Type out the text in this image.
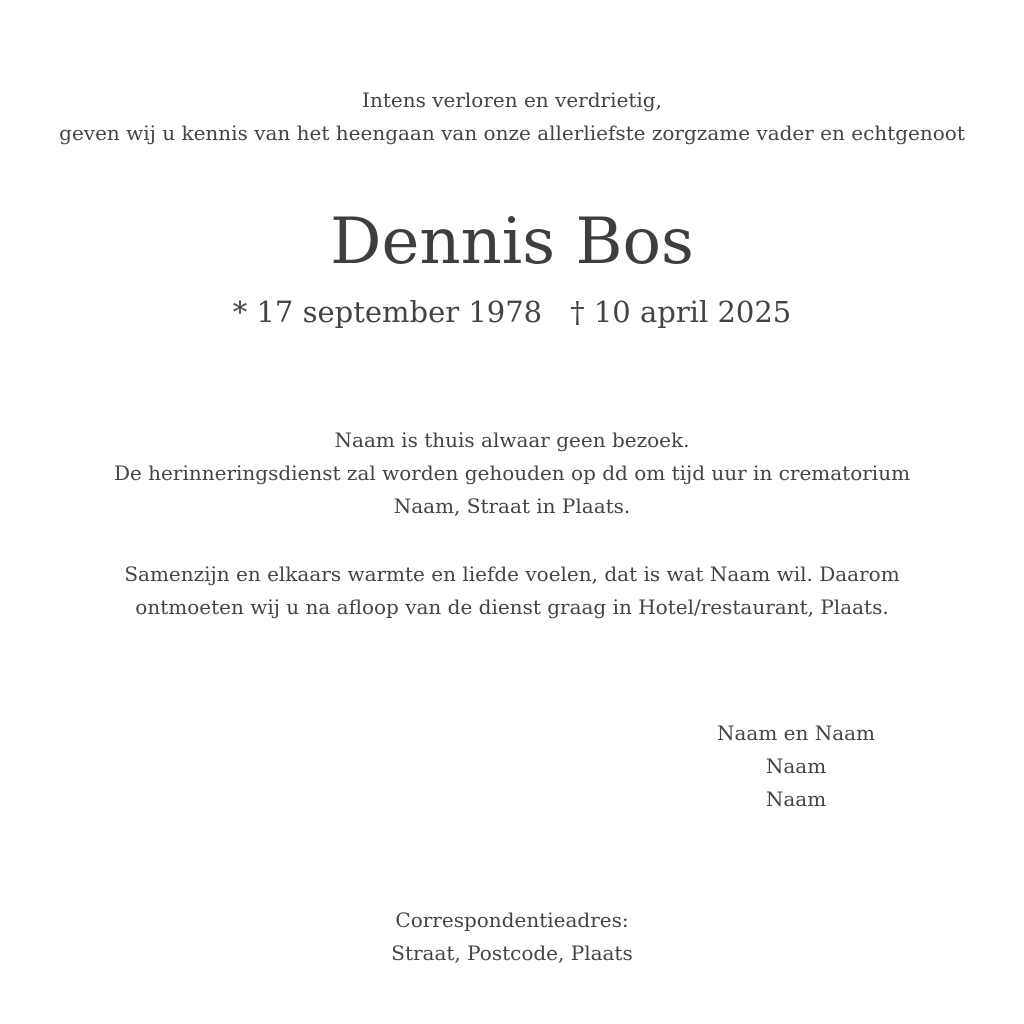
Intens verloren en verdrietig,
geven wij u kennis van het heengaan van onze allerliefste zorgzame vader en echtgenoot
Dennis Bos
* 17 september 1978 † 10 april 2025
Naam is thuis alwaar geen bezoek.
De herinneringsdienst zal worden gehouden op dd om tijd uur in crematorium
Naam, Straat in Plaats.
Samenzijn en elkaars warmte en liefde voelen, dat is wat Naam wil. Daarom
ontmoeten wij u na afloop van de dienst graag in Hotel/restaurant, Plaats.
Naam en Naam
Naam
Naam
Correspondentieadres:
Straat, Postcode, Plaats
